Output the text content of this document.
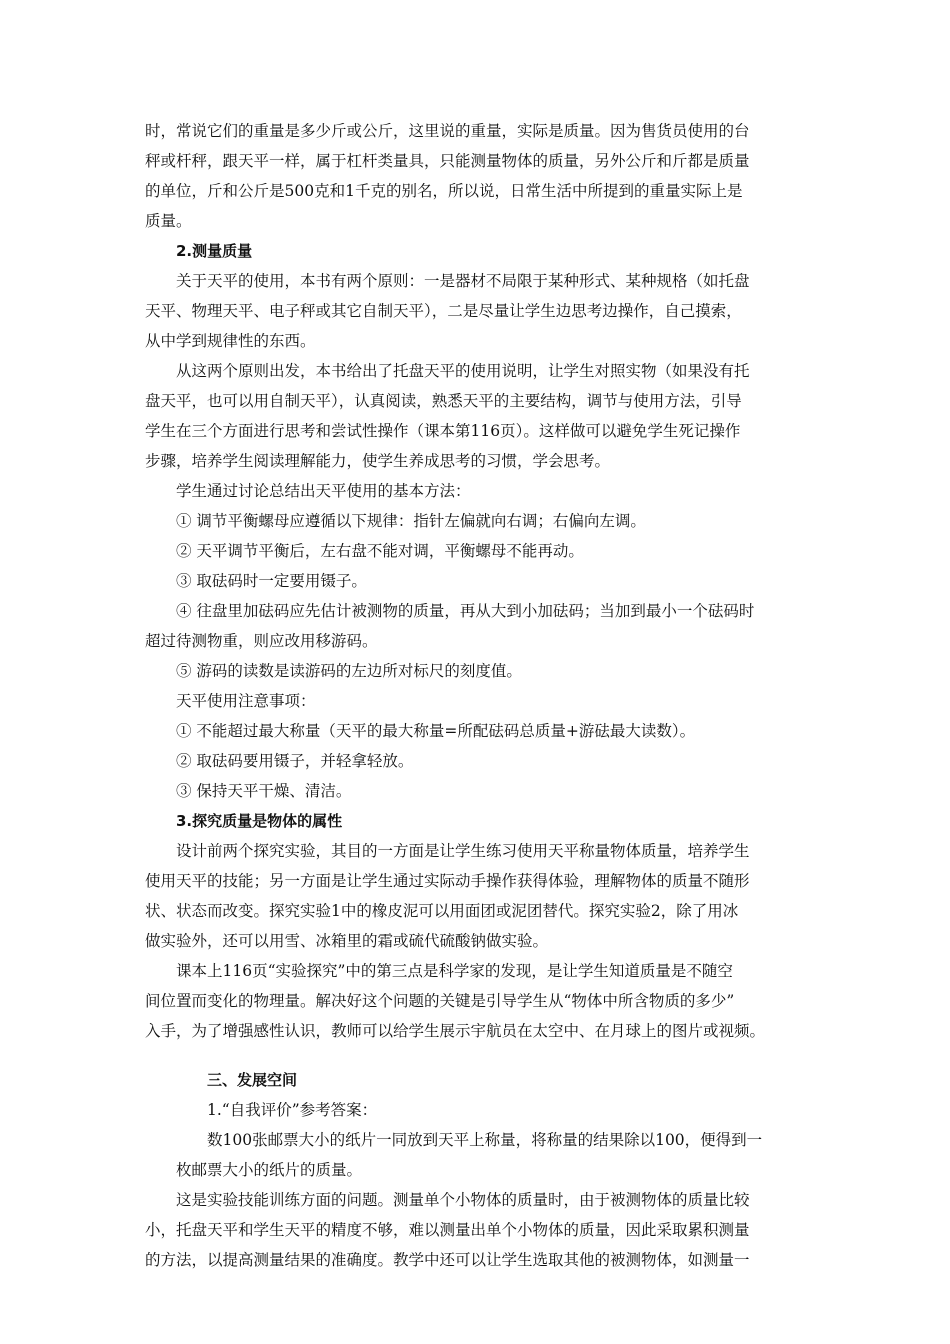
时，常说它们的重量是多少斤或公斤，这里说的重量，实际是质量。因为售货员使用的台
秤或杆秤，跟天平一样，属于杠杆类量具，只能测量物体的质量，另外公斤和斤都是质量
的单位，斤和公斤是500克和1千克的别名，所以说，日常生活中所提到的重量实际上是
质量。
2.测量质量
关于天平的使用，本书有两个原则：一是器材不局限于某种形式、某种规格（如托盘
天平、物理天平、电子秤或其它自制天平），二是尽量让学生边思考边操作，自己摸索，
从中学到规律性的东西。
从这两个原则出发，本书给出了托盘天平的使用说明，让学生对照实物（如果没有托
盘天平，也可以用自制天平），认真阅读，熟悉天平的主要结构，调节与使用方法，引导
学生在三个方面进行思考和尝试性操作（课本第116页）。这样做可以避免学生死记操作
步骤，培养学生阅读理解能力，使学生养成思考的习惯，学会思考。
学生通过讨论总结出天平使用的基本方法：
① 调节平衡螺母应遵循以下规律：指针左偏就向右调；右偏向左调。
② 天平调节平衡后，左右盘不能对调，平衡螺母不能再动。
③ 取砝码时一定要用镊子。
④ 往盘里加砝码应先估计被测物的质量，再从大到小加砝码；当加到最小一个砝码时
超过待测物重，则应改用移游码。
⑤ 游码的读数是读游码的左边所对标尺的刻度值。
天平使用注意事项：
① 不能超过最大称量（天平的最大称量=所配砝码总质量+游砝最大读数）。
② 取砝码要用镊子，并轻拿轻放。
③ 保持天平干燥、清洁。
3.探究质量是物体的属性
设计前两个探究实验，其目的一方面是让学生练习使用天平称量物体质量，培养学生
使用天平的技能；另一方面是让学生通过实际动手操作获得体验，理解物体的质量不随形
状、状态而改变。探究实验1中的橡皮泥可以用面团或泥团替代。探究实验2，除了用冰
做实验外，还可以用雪、冰箱里的霜或硫代硫酸钠做实验。
课本上116页“实验探究”中的第三点是科学家的发现，是让学生知道质量是不随空
间位置而变化的物理量。解决好这个问题的关键是引导学生从“物体中所含物质的多少”
入手，为了增强感性认识，教师可以给学生展示宇航员在太空中、在月球上的图片或视频。
三、发展空间
1.“自我评价”参考答案：
数100张邮票大小的纸片一同放到天平上称量，将称量的结果除以100，便得到一
枚邮票大小的纸片的质量。
这是实验技能训练方面的问题。测量单个小物体的质量时，由于被测物体的质量比较
小，托盘天平和学生天平的精度不够，难以测量出单个小物体的质量，因此采取累积测量
的方法，以提高测量结果的准确度。教学中还可以让学生选取其他的被测物体，如测量一
